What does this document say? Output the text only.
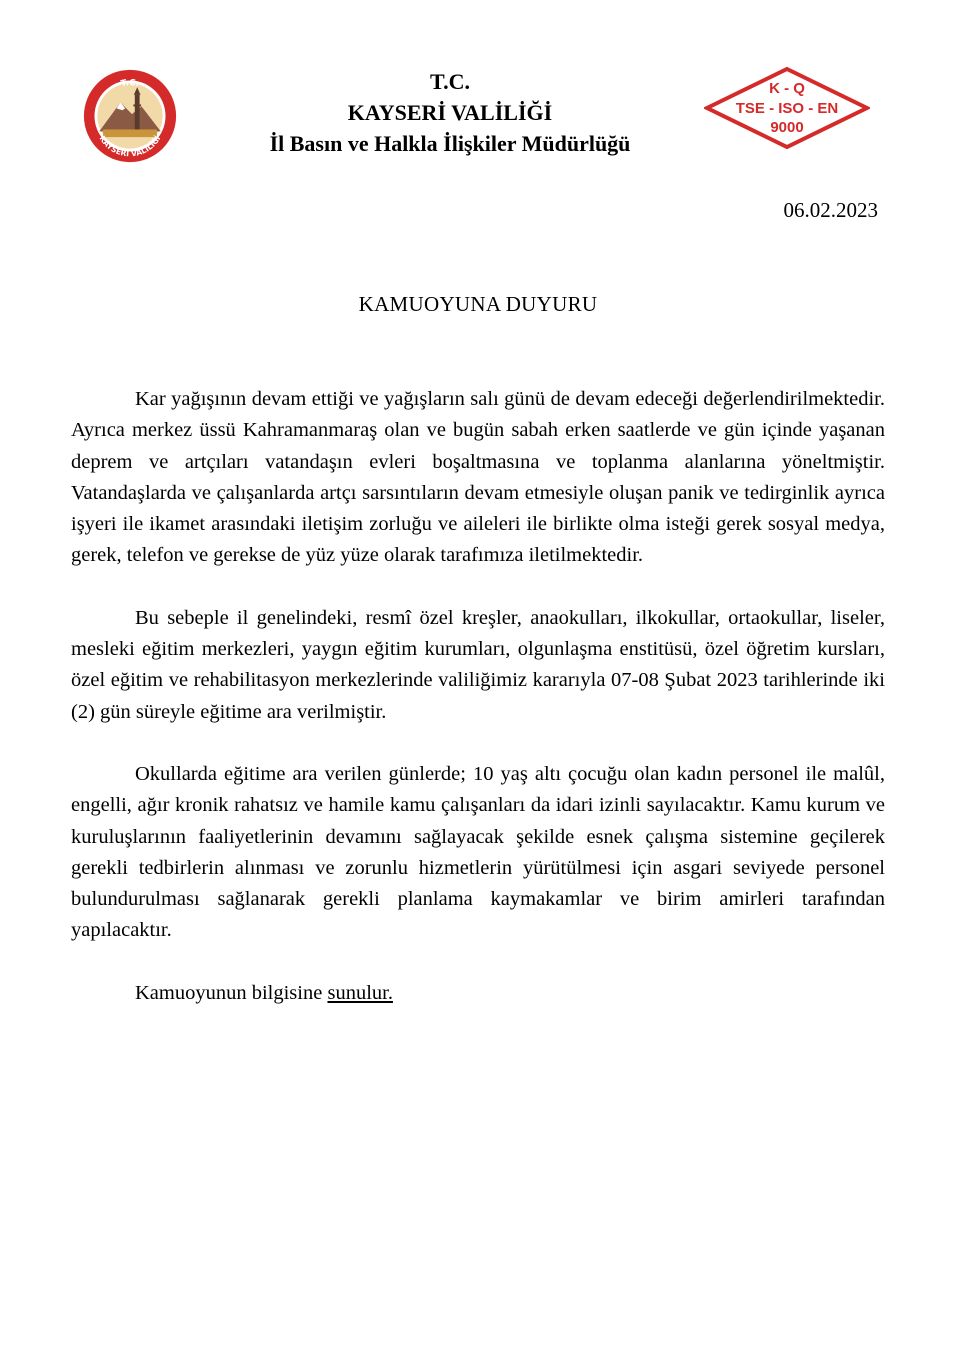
T.C.
KAYSERİ VALİLİĞİ
T.C.
KAYSERİ VALİLİĞİ
İl Basın ve Halkla İlişkiler Müdürlüğü
K - Q
TSE - ISO - EN
9000
06.02.2023
KAMUOYUNA DUYURU

Kar yağışının devam ettiği ve yağışların salı günü de devam edeceği değerlendirilmektedir. Ayrıca merkez üssü Kahramanmaraş olan ve bugün sabah erken saatlerde ve gün içinde yaşanan deprem ve artçıları vatandaşın evleri boşaltmasına ve toplanma alanlarına yöneltmiştir. Vatandaşlarda ve çalışanlarda artçı sarsıntıların devam etmesiyle oluşan panik ve tedirginlik ayrıca işyeri ile ikamet arasındaki iletişim zorluğu ve aileleri ile birlikte olma isteği gerek sosyal medya, gerek, telefon ve gerekse de yüz yüze olarak tarafımıza iletilmektedir.

Bu sebeple il genelindeki, resmî özel kreşler, anaokulları, ilkokullar, ortaokullar, liseler, mesleki eğitim merkezleri, yaygın eğitim kurumları, olgunlaşma enstitüsü, özel öğretim kursları, özel eğitim ve rehabilitasyon merkezlerinde valiliğimiz kararıyla 07-08 Şubat 2023 tarihlerinde iki (2) gün süreyle eğitime ara verilmiştir.

Okullarda eğitime ara verilen günlerde; 10 yaş altı çocuğu olan kadın personel ile malûl, engelli, ağır kronik rahatsız ve hamile kamu çalışanları da idari izinli sayılacaktır. Kamu kurum ve kuruluşlarının faaliyetlerinin devamını sağlayacak şekilde esnek çalışma sistemine geçilerek gerekli tedbirlerin alınması ve zorunlu hizmetlerin yürütülmesi için asgari seviyede personel bulundurulması sağlanarak gerekli planlama kaymakamlar ve birim amirleri tarafından yapılacaktır.

Kamuoyunun bilgisine sunulur.
